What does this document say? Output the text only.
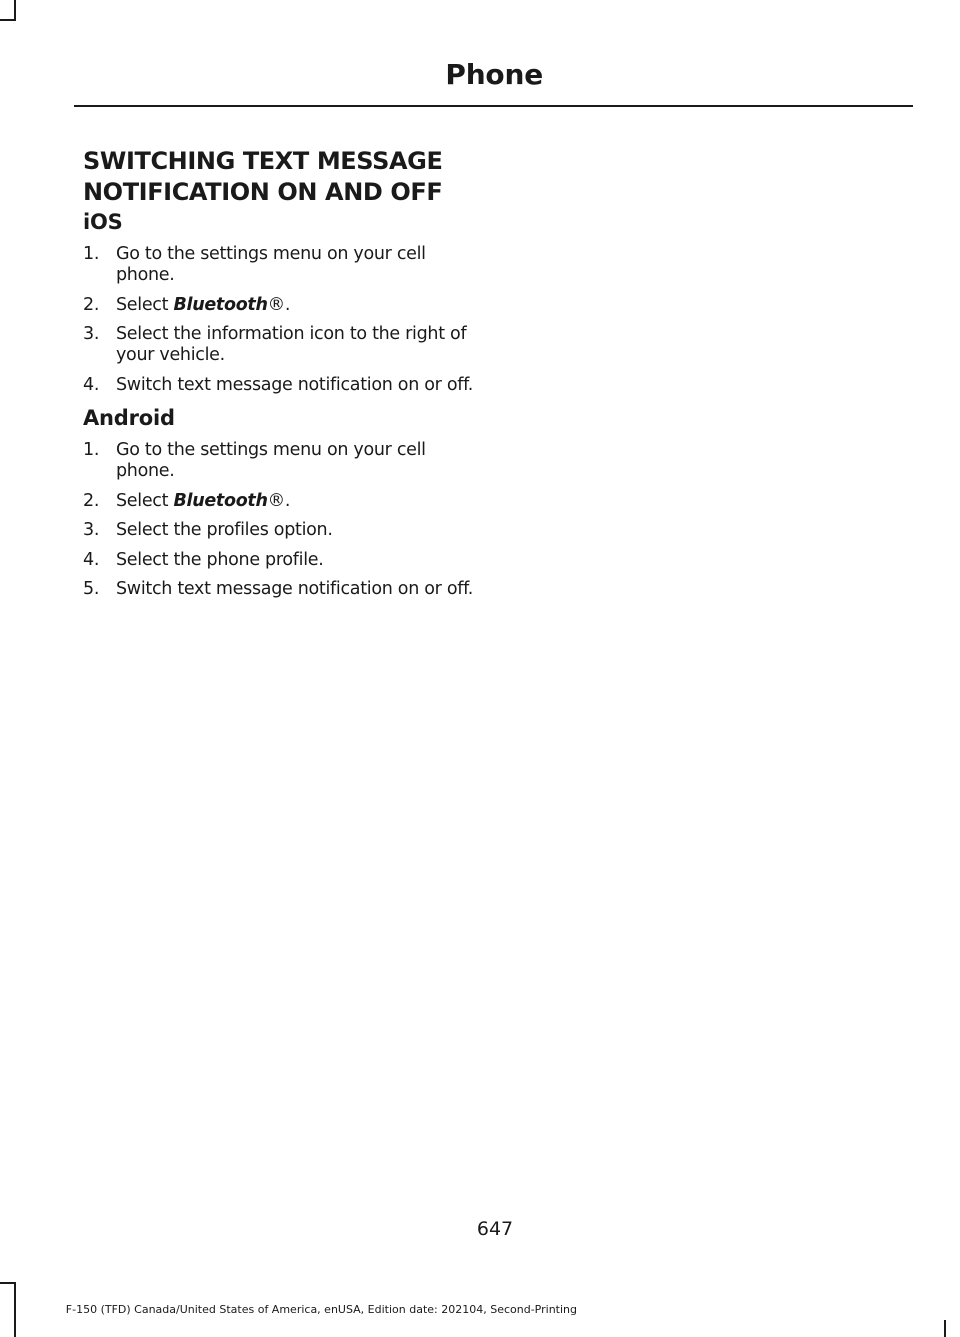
Phone
SWITCHING TEXT MESSAGE
NOTIFICATION ON AND OFF
iOS
1. Go to the settings menu on your cell phone.
2. Select Bluetooth®.
3. Select the information icon to the right of your vehicle.
4. Switch text message notification on or off.
Android
1. Go to the settings menu on your cell phone.
2. Select Bluetooth®.
3. Select the profiles option.
4. Select the phone profile.
5. Switch text message notification on or off.
647
F-150 (TFD) Canada/United States of America, enUSA, Edition date: 202104, Second-Printing
